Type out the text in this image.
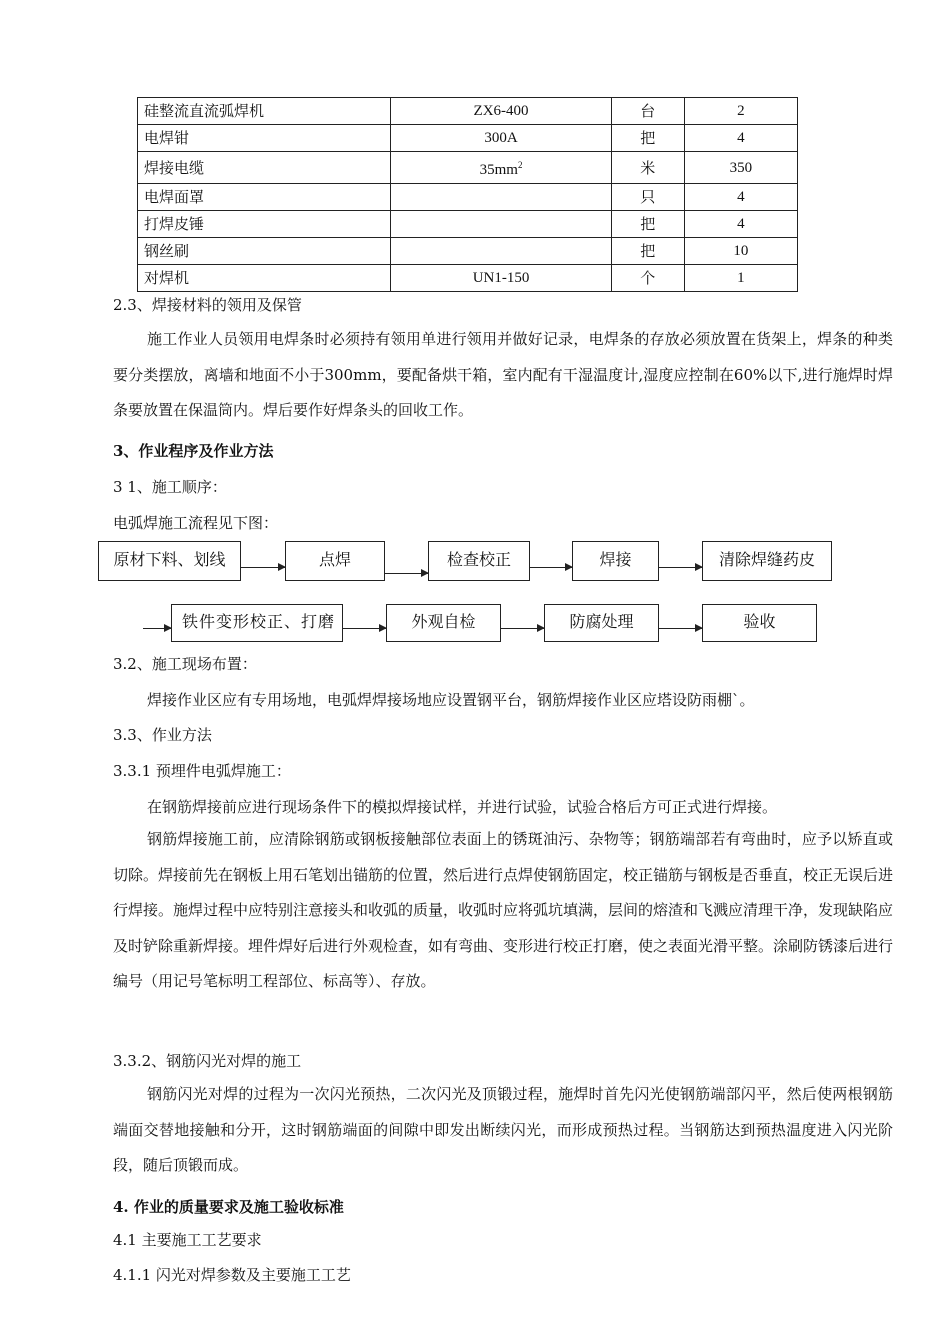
硅整流直流弧焊机	ZX6-400	台	2
电焊钳	300A	把	4
焊接电缆	$35mm^2$	米	350
电焊面罩		只	4
打焊皮锤		把	4
钢丝刷		把	10
对焊机	UN1-150	个	1
2.3、焊接材料的领用及保管
施工作业人员领用电焊条时必须持有领用单进行领用并做好记录，电焊条的存放必须放置在货架上，焊条的种类要分类摆放，离墙和地面不小于300mm，要配备烘干箱，室内配有干湿温度计,湿度应控制在60%以下,进行施焊时焊条要放置在保温筒内。焊后要作好焊条头的回收工作。
3、作业程序及作业方法
3 1、施工顺序：
电弧焊施工流程见下图：
原材下料、划线	点焊	检查校正	焊接	清除焊缝药皮
铁件变形校正、打磨	外观自检	防腐处理	验收
3.2、施工现场布置：
焊接作业区应有专用场地，电弧焊焊接场地应设置钢平台，钢筋焊接作业区应塔设防雨棚`。
3.3、作业方法
3.3.1 预埋件电弧焊施工：
在钢筋焊接前应进行现场条件下的模拟焊接试样，并进行试验，试验合格后方可正式进行焊接。
钢筋焊接施工前，应清除钢筋或钢板接触部位表面上的锈斑油污、杂物等；钢筋端部若有弯曲时，应予以矫直或切除。焊接前先在钢板上用石笔划出锚筋的位置，然后进行点焊使钢筋固定，校正锚筋与钢板是否垂直，校正无误后进行焊接。施焊过程中应特别注意接头和收弧的质量，收弧时应将弧坑填满，层间的熔渣和飞溅应清理干净，发现缺陷应及时铲除重新焊接。埋件焊好后进行外观检查，如有弯曲、变形进行校正打磨，使之表面光滑平整。涂刷防锈漆后进行编号（用记号笔标明工程部位、标高等）、存放。
3.3.2、钢筋闪光对焊的施工
钢筋闪光对焊的过程为一次闪光预热，二次闪光及顶锻过程，施焊时首先闪光使钢筋端部闪平，然后使两根钢筋端面交替地接触和分开，这时钢筋端面的间隙中即发出断续闪光，而形成预热过程。当钢筋达到预热温度进入闪光阶段，随后顶锻而成。
4. 作业的质量要求及施工验收标准
4.1 主要施工工艺要求
4.1.1 闪光对焊参数及主要施工工艺
